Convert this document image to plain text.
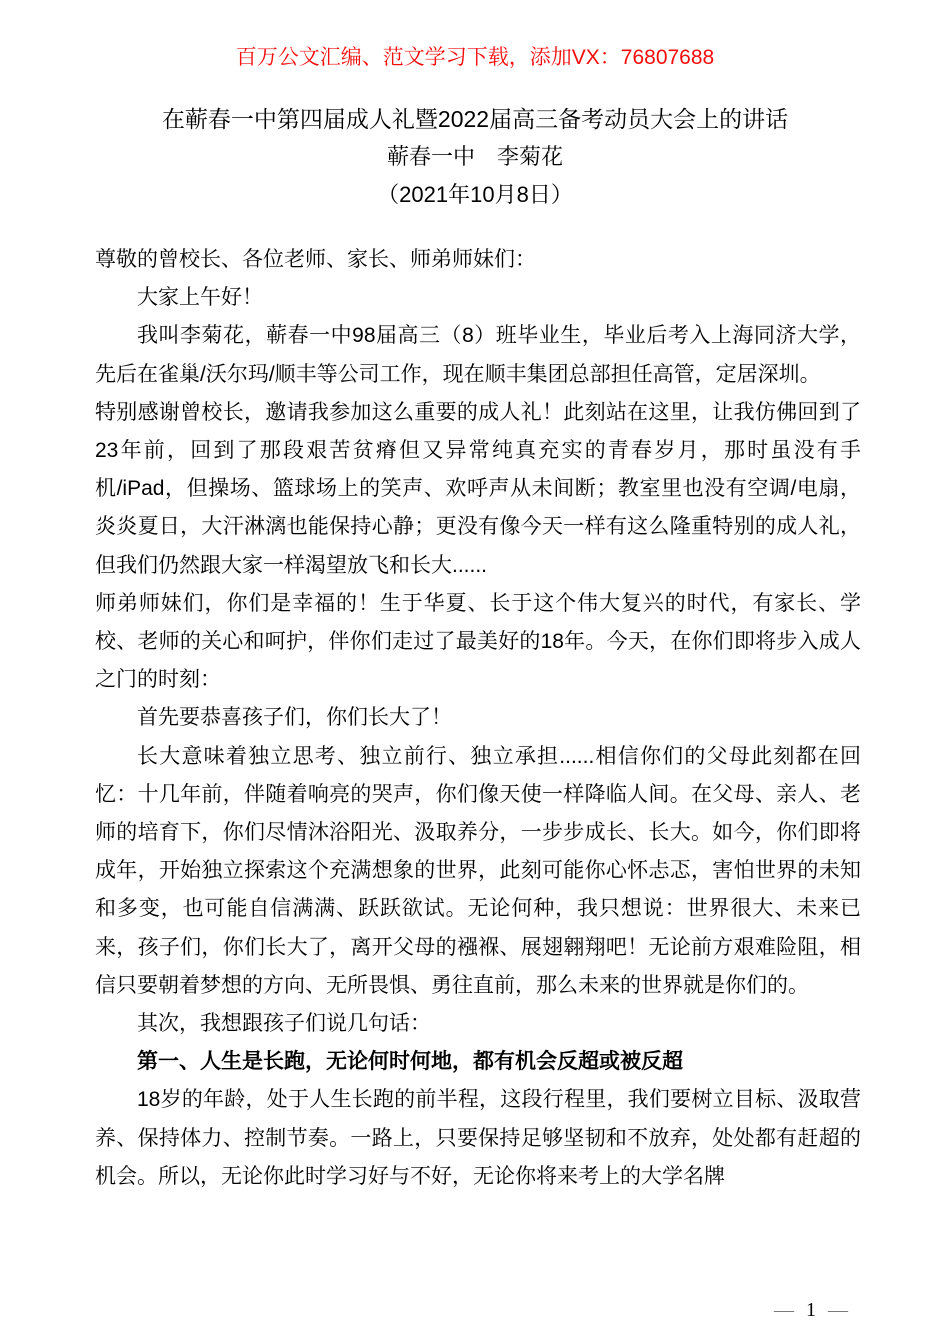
百万公文汇编、范文学习下载，添加VX：76807688
在蕲春一中第四届成人礼暨2022届高三备考动员大会上的讲话
蕲春一中　李菊花
（2021年10月8日）

尊敬的曾校长、各位老师、家长、师弟师妹们：

大家上午好！

我叫李菊花，蕲春一中98届高三（8）班毕业生，毕业后考入上海同济大学，先后在雀巢/沃尔玛/顺丰等公司工作，现在顺丰集团总部担任高管，定居深圳。

特别感谢曾校长，邀请我参加这么重要的成人礼！此刻站在这里，让我仿佛回到了23年前，回到了那段艰苦贫瘠但又异常纯真充实的青春岁月，那时虽没有手机/iPad，但操场、篮球场上的笑声、欢呼声从未间断；教室里也没有空调/电扇，炎炎夏日，大汗淋漓也能保持心静；更没有像今天一样有这么隆重特别的成人礼，但我们仍然跟大家一样渴望放飞和长大......

师弟师妹们，你们是幸福的！生于华夏、长于这个伟大复兴的时代，有家长、学校、老师的关心和呵护，伴你们走过了最美好的18年。今天，在你们即将步入成人之门的时刻：

首先要恭喜孩子们，你们长大了！

长大意味着独立思考、独立前行、独立承担......相信你们的父母此刻都在回忆：十几年前，伴随着响亮的哭声，你们像天使一样降临人间。在父母、亲人、老师的培育下，你们尽情沐浴阳光、汲取养分，一步步成长、长大。如今，你们即将成年，开始独立探索这个充满想象的世界，此刻可能你心怀忐忑，害怕世界的未知和多变，也可能自信满满、跃跃欲试。无论何种，我只想说：世界很大、未来已来，孩子们，你们长大了，离开父母的襁褓、展翅翱翔吧！无论前方艰难险阻，相信只要朝着梦想的方向、无所畏惧、勇往直前，那么未来的世界就是你们的。

其次，我想跟孩子们说几句话：

第一、人生是长跑，无论何时何地，都有机会反超或被反超

18岁的年龄，处于人生长跑的前半程，这段行程里，我们要树立目标、汲取营养、保持体力、控制节奏。一路上，只要保持足够坚韧和不放弃，处处都有赶超的机会。所以，无论你此时学习好与不好，无论你将来考上的大学名牌

— 1 —
